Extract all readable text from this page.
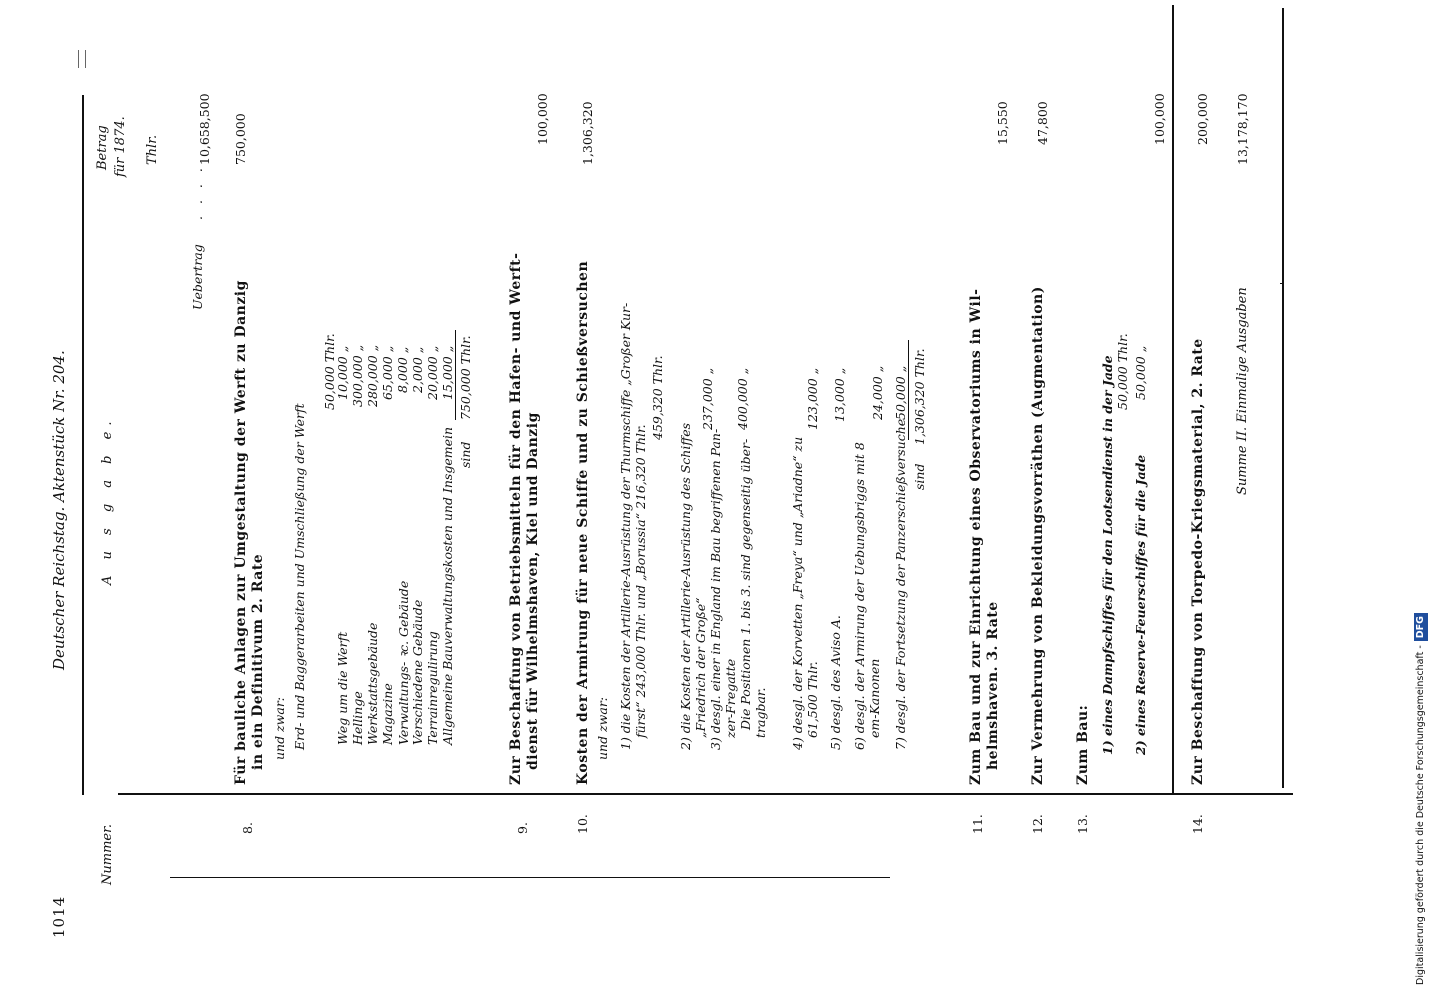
1014
Deutscher Reichstag. Aktenstück Nr. 204.
Nummer.
A u s g a b e.
Betrag für 1874. Thlr.
Uebertrag
. . . .
10,658,500
8.
Für bauliche Anlagen zur Umgestaltung der Werft zu Danzig in ein Definitivum 2. Rate
750,000
und zwar: Erd- und Baggerarbeiten und Umschließung der Werft
50,000 Thlr.
Weg um die Werft
10,000 „
Hellinge
300,000 „
Werkstattsgebäude
280,000 „
Magazine
65,000 „
Verwaltungs- ꝛc. Gebäude
8,000 „
Verschiedene Gebäude
2,000 „
Terrainregulirung
20,000 „
Allgemeine Bauverwaltungskosten und Insgemein
15,000 „
sind
750,000 Thlr.
9.
Zur Beschaffung von Betriebsmitteln für den Hafen- und Werft- dienst für Wilhelmshaven, Kiel und Danzig
100,000
10.
Kosten der Armirung für neue Schiffe und zu Schießversuchen
1,306,320
und zwar: 1) die Kosten der Artillerie-Ausrüstung der Thurmschiffe „Großer Kur- fürst“ 243,000 Thlr. und „Borussia“ 216,320 Thlr.
459,320 Thlr.
2) die Kosten der Artillerie-Ausrüstung des Schiffes „Friedrich der Große“
237,000 „
3) desgl. einer in England im Bau begriffenen Pan- zer-Fregatte Die Positionen 1. bis 3. sind gegenseitig über- tragbar.
400,000 „
4) desgl. der Korvetten „Freya“ und „Ariadne“ zu 61,500 Thlr.
123,000 „
5) desgl. des Aviso A.
13,000 „
6) desgl. der Armirung der Uebungsbriggs mit 8 em-Kanonen
24,000 „
7) desgl. der Fortsetzung der Panzerschießversuche
50,000 „
sind
1,306,320 Thlr.
11.
Zum Bau und zur Einrichtung eines Observatoriums in Wil- helmshaven. 3. Rate
15,550
12.
Zur Vermehrung von Bekleidungsvorräthen (Augmentation)
47,800
13.
Zum Bau: 1) eines Dampfschiffes für den Lootsendienst in der Jade 50,000 Thlr.
2) eines Reserve-Feuerschiffes für die Jade
50,000 „
100,000
14.
Zur Beschaffung von Torpedo-Kriegsmaterial, 2. Rate
200,000
Summe II. Einmalige Ausgaben
13,178,170
Digitalisierung gefördert durch die Deutsche Forschungsgemeinschaft -DFG
